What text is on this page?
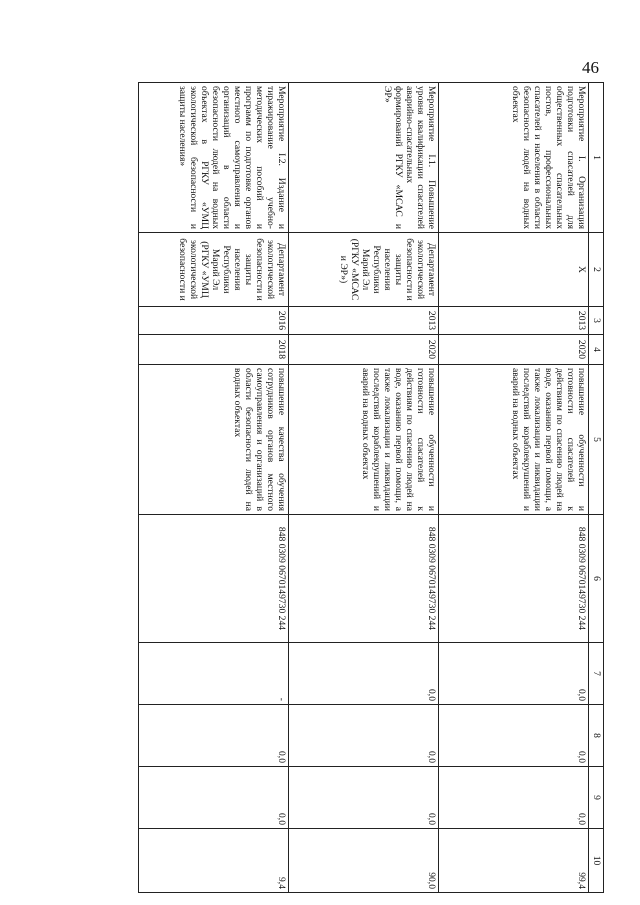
46
1	2	3	4	5	6	7	8	9	10
Мероприятие I. Организация подготовки спасателей для общественных спасательных постов, профессиональных спасателей и населения в области безопасности людей на водных объектах	X	2013	2020	повышение обученности и готовности спасателей к действиям по спасению людей на воде, оказанию первой помощи, а также локализации и ликвидации последствий кораблекрушений и аварий на водных объектах	848 0309 0670149730 244	0,0	0,0	0,0	99,4
Мероприятие I.1. Повышение уровня квалификации спасателей аварийно-спасательных формирований РГКУ «МСАС и ЭР»	Департамент экологической безопасности и защиты населения Республики Марий Эл (РГКУ «МСАС и ЭР»)	2013	2020	повышение обученности и готовности спасателей к действиям по спасению людей на воде, оказанию первой помощи, а также локализации и ликвидации последствий кораблекрушений и аварий на водных объектах	848 0309 0670149730 244	0,0	0,0	0,0	90,0
Мероприятие I.2. Издание и тиражирование учебно-методических пособий и программ по подготовке органов местного самоуправления и организаций в области безопасности людей на водных объектах в РГКУ «УМЦ экологической безопасности и защиты населения»	Департамент экологической безопасности и защиты населения Республики Марий Эл (РГКУ «УМЦ экологической безопасности и	2016	2018	повышение качества обучения сотрудников органов местного самоуправления и организаций в области безопасности людей на водных объектах	848 0309 0670149730 244	-	0,0	0,0	9,4
